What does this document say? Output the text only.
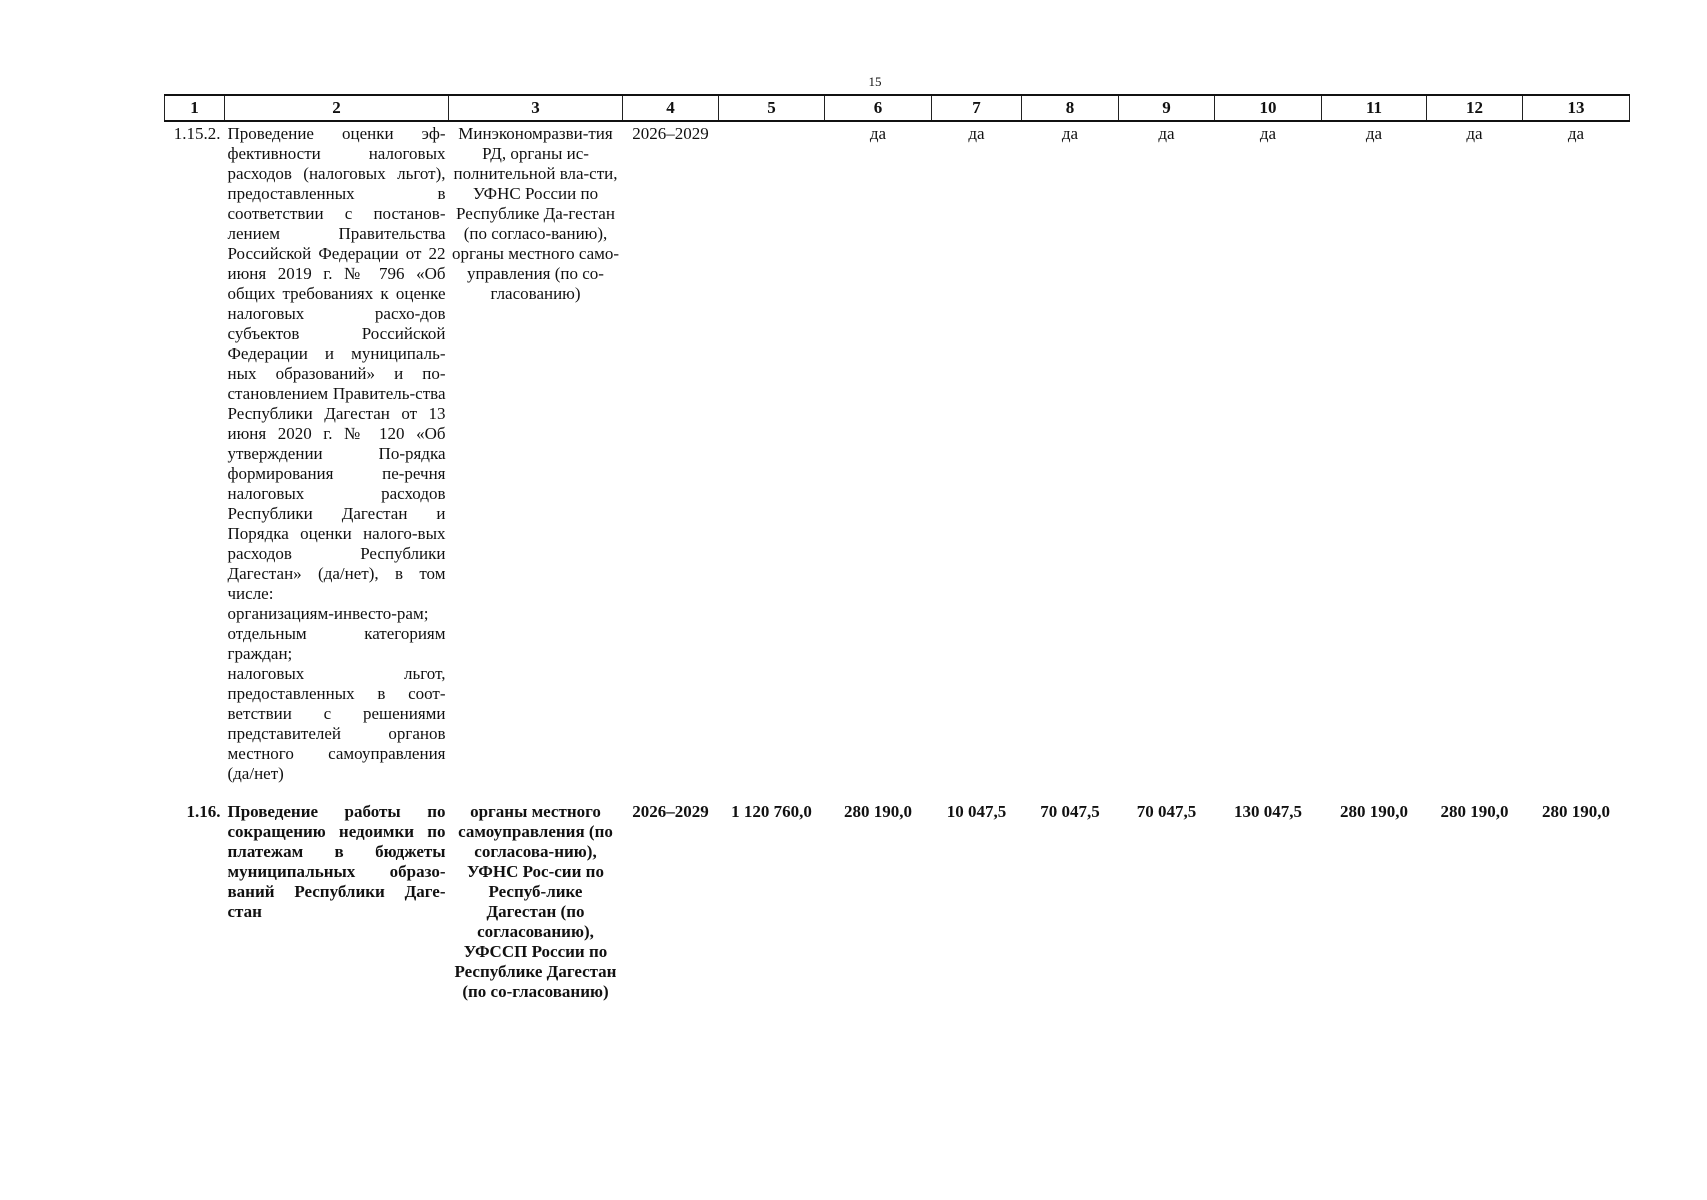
15
1	2	3	4	5	6	7	8	9	10	11	12	13
1.15.2.	Проведение оценки эф-фективности налоговых расходов (налоговых льгот), предоставленных в соответствии с постанов-лением Правительства Российской Федерации от 22 июня 2019 г. № 796 «Об общих требованиях к оценке налоговых расхо-дов субъектов Российской Федерации и муниципаль-ных образований» и по-становлением Правитель-ства Республики Дагестан от 13 июня 2020 г. № 120 «Об утверждении По-рядка формирования пе-речня налоговых расходов Республики Дагестан и Порядка оценки налого-вых расходов Республики Дагестан» (да/нет), в том числе:
организациям-инвесто-рам;
отдельным категориям граждан;
налоговых льгот, предоставленных в соот-ветствии с решениями представителей органов местного самоуправления (да/нет)	Минэкономразви-тия РД, органы ис-полнительной вла-сти, УФНС России по Республике Да-гестан (по согласо-ванию), органы местного само-управления (по со-гласованию)	2026–2029		да	да	да	да	да	да	да	да
1.16.	Проведение работы по сокращению недоимки по платежам в бюджеты муниципальных образо-ваний Республики Даге-стан	органы местного самоуправления (по согласова-нию), УФНС Рос-сии по Респуб-лике Дагестан (по согласованию), УФССП России по Республике Дагестан (по со-гласованию)	2026–2029	1 120 760,0	280 190,0	10 047,5	70 047,5	70 047,5	130 047,5	280 190,0	280 190,0	280 190,0
